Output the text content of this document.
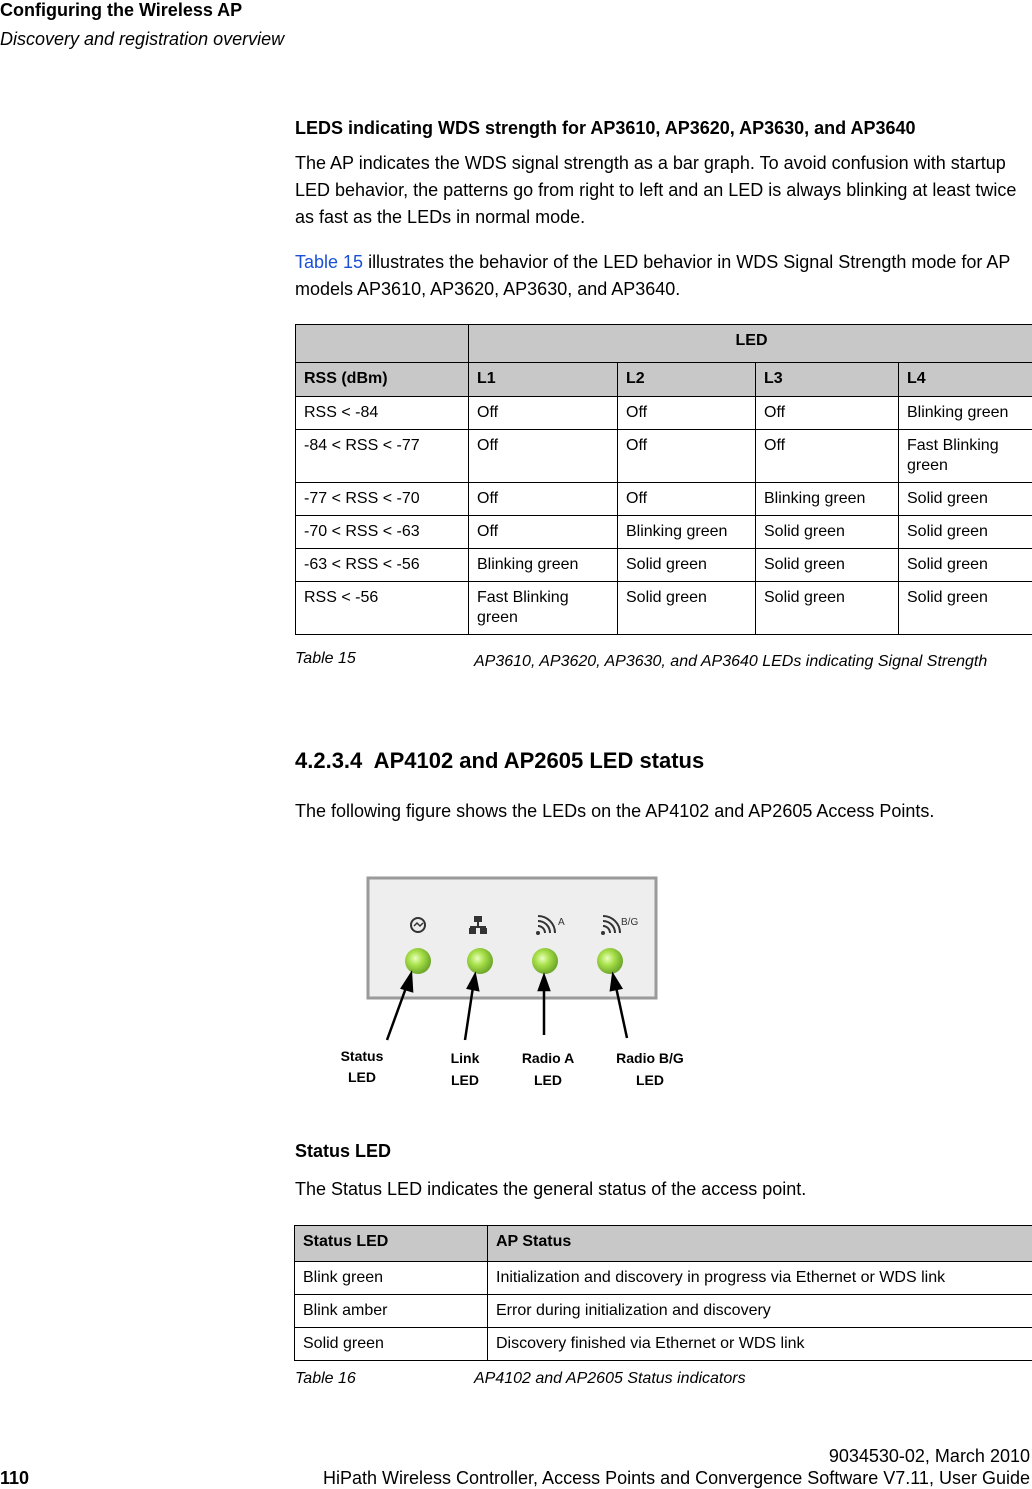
Configuring the Wireless AP
Discovery and registration overview
LEDS indicating WDS strength for AP3610, AP3620, AP3630, and AP3640
The AP indicates the WDS signal strength as a bar graph. To avoid confusion with startup LED behavior, the patterns go from right to left and an LED is always blinking at least twice as fast as the LEDs in normal mode.
Table 15 illustrates the behavior of the LED behavior in WDS Signal Strength mode for AP models AP3610, AP3620, AP3630, and AP3640.
	LED			
RSS (dBm)	L1	L2	L3	L4
RSS < -84	Off	Off	Off	Blinking green
-84 < RSS < -77	Off	Off	Off	Fast Blinking green
-77 < RSS < -70	Off	Off	Blinking green	Solid green
-70 < RSS < -63	Off	Blinking green	Solid green	Solid green
-63 < RSS < -56	Blinking green	Solid green	Solid green	Solid green
RSS < -56	Fast Blinking green	Solid green	Solid green	Solid green
Table 15	AP3610, AP3620, AP3630, and AP3640 LEDs indicating Signal Strength
4.2.3.4  AP4102 and AP2605 LED status
The following figure shows the LEDs on the AP4102 and AP2605 Access Points.
A	B/G
Status
LED
Link
LED
Radio A
LED
Radio B/G
LED
Status LED
The Status LED indicates the general status of the access point.
Status LED	AP Status
Blink green	Initialization and discovery in progress via Ethernet or WDS link
Blink amber	Error during initialization and discovery
Solid green	Discovery finished via Ethernet or WDS link
Table 16	AP4102 and AP2605 Status indicators
9034530-02, March 2010
110	HiPath Wireless Controller, Access Points and Convergence Software V7.11, User Guide
